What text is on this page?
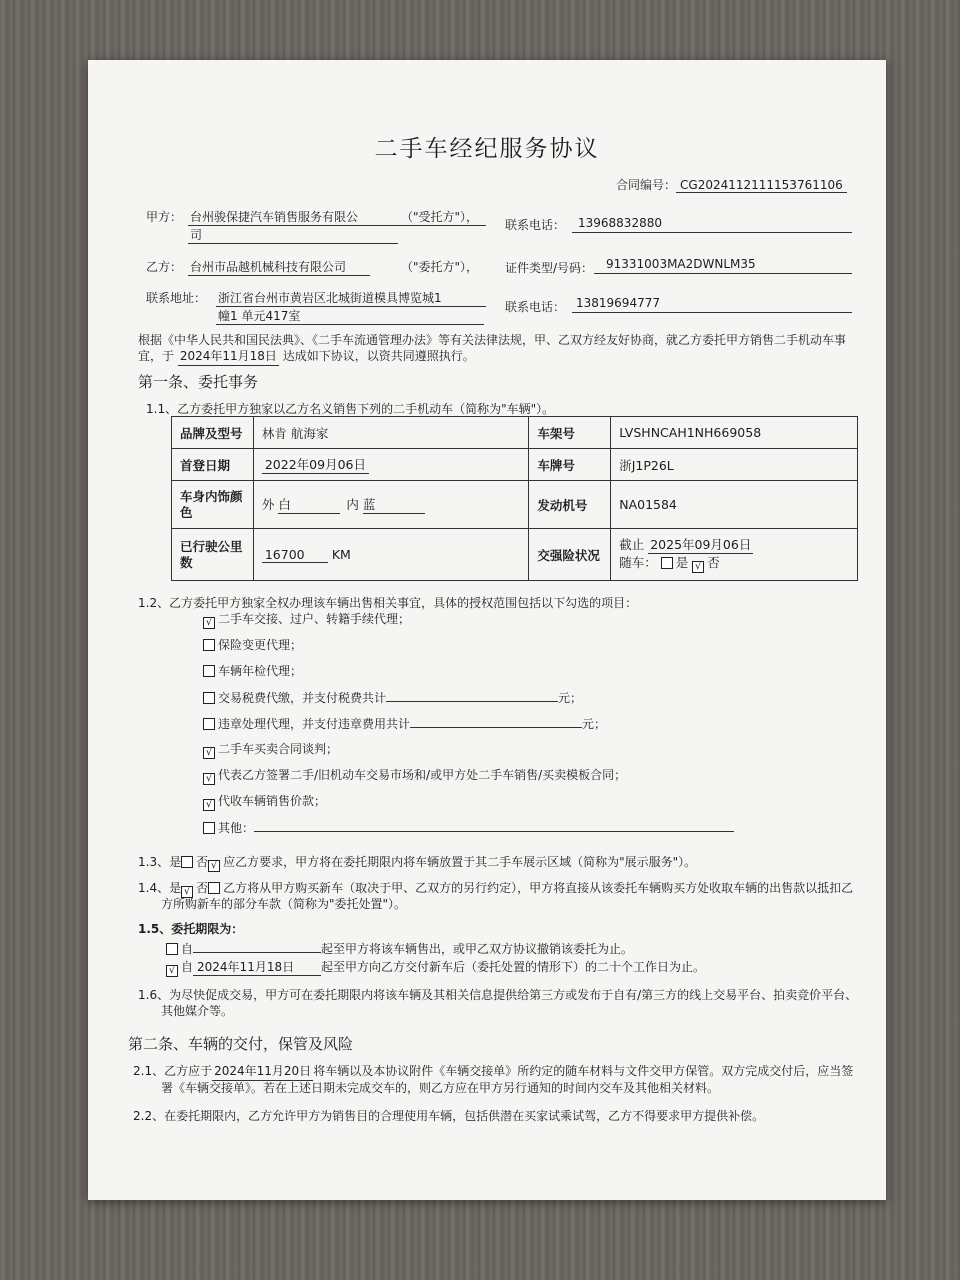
二手车经纪服务协议
合同编号： CG2024112111153761106
甲方： 台州骏保捷汽车销售服务有限公
司
（"受托方"），
联系电话： 13968832880
乙方： 台州市品越机械科技有限公司	（"委托方"）， 证件类型/号码： 91331003MA2DWNLM35
联系地址： 浙江省台州市黄岩区北城街道模具博览城1
幢1 单元417室
联系电话： 13819694777
根据《中华人民共和国民法典》、《二手车流通管理办法》等有关法律法规，甲、乙双方经友好协商，就乙方委托甲方销售二手机动车事
宜，于 2024年11月18日 达成如下协议，以资共同遵照执行。
第一条、委托事务
1.1、乙方委托甲方独家以乙方名义销售下列的二手机动车（简称为"车辆"）。
品牌及型号	林肯 航海家	车架号	LVSHNCAH1NH669058
首登日期	2022年09月06日	车牌号	浙J1P26L
车身内饰颜色	外 白 内 蓝	发动机号	NA01584
已行驶公里数	16700 KM	交强险状况	截止 2025年09月06日
随车： 是 √ 否
1.2、乙方委托甲方独家全权办理该车辆出售相关事宜，具体的授权范围包括以下勾选的项目：
√ 二手车交接、过户、转籍手续代理；
保险变更代理；
车辆年检代理；
交易税费代缴，并支付税费共计	元；
违章处理代理，并支付违章费用共计	元；
√ 二手车买卖合同谈判；
√ 代表乙方签署二手/旧机动车交易市场和/或甲方处二手车销售/买卖模板合同；
√ 代收车辆销售价款；
其他：
1.3、是 否 √ 应乙方要求，甲方将在委托期限内将车辆放置于其二手车展示区域（简称为"展示服务"）。
1.4、是 √ 否 乙方将从甲方购买新车（取决于甲、乙双方的另行约定），甲方将直接从该委托车辆购买方处收取车辆的出售款以抵扣乙
方所购新车的部分车款（简称为"委托处置"）。
1.5、委托期限为：
自	起至甲方将该车辆售出，或甲乙双方协议撤销该委托为止。
√ 自 2024年11月18日 起至甲方向乙方交付新车后（委托处置的情形下）的二十个工作日为止。
1.6、为尽快促成交易，甲方可在委托期限内将该车辆及其相关信息提供给第三方或发布于自有/第三方的线上交易平台、拍卖竞价平台、
其他媒介等。
第二条、车辆的交付，保管及风险
2.1、乙方应于 2024年11月20日 将车辆以及本协议附件《车辆交接单》所约定的随车材料与文件交甲方保管。双方完成交付后，应当签
署《车辆交接单》。若在上述日期未完成交车的，则乙方应在甲方另行通知的时间内交车及其他相关材料。
2.2、在委托期限内，乙方允许甲方为销售目的合理使用车辆，包括供潜在买家试乘试驾，乙方不得要求甲方提供补偿。
